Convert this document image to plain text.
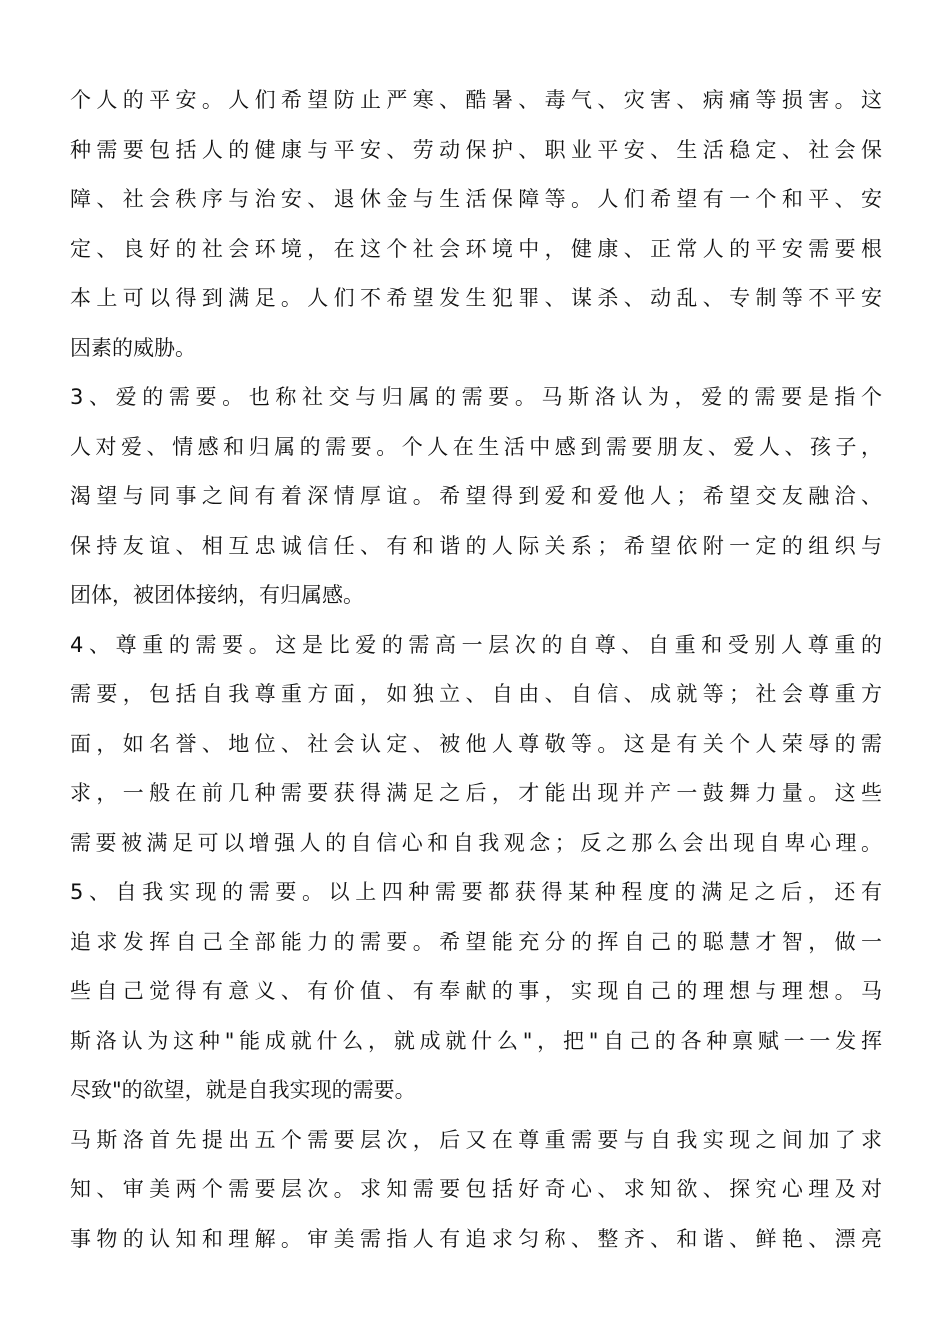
个人的平安。人们希望防止严寒、酷暑、毒气、灾害、病痛等损害。这
种需要包括人的健康与平安、劳动保护、职业平安、生活稳定、社会保
障、社会秩序与治安、退休金与生活保障等。人们希望有一个和平、安
定、良好的社会环境，在这个社会环境中，健康、正常人的平安需要根
本上可以得到满足。人们不希望发生犯罪、谋杀、动乱、专制等不平安
因素的威胁。
3、爱的需要。也称社交与归属的需要。马斯洛认为，爱的需要是指个
人对爱、情感和归属的需要。个人在生活中感到需要朋友、爱人、孩子，
渴望与同事之间有着深情厚谊。希望得到爱和爱他人；希望交友融洽、
保持友谊、相互忠诚信任、有和谐的人际关系；希望依附一定的组织与
团体，被团体接纳，有归属感。
4、尊重的需要。这是比爱的需高一层次的自尊、自重和受别人尊重的
需要，包括自我尊重方面，如独立、自由、自信、成就等；社会尊重方
面，如名誉、地位、社会认定、被他人尊敬等。这是有关个人荣辱的需
求，一般在前几种需要获得满足之后，才能出现并产一鼓舞力量。这些
需要被满足可以增强人的自信心和自我观念；反之那么会出现自卑心理。
5、自我实现的需要。以上四种需要都获得某种程度的满足之后，还有
追求发挥自己全部能力的需要。希望能充分的挥自己的聪慧才智，做一
些自己觉得有意义、有价值、有奉献的事，实现自己的理想与理想。马
斯洛认为这种"能成就什么，就成就什么"，把"自己的各种禀赋一一发挥
尽致"的欲望，就是自我实现的需要。
马斯洛首先提出五个需要层次，后又在尊重需要与自我实现之间加了求
知、审美两个需要层次。求知需要包括好奇心、求知欲、探究心理及对
事物的认知和理解。审美需指人有追求匀称、整齐、和谐、鲜艳、漂亮
